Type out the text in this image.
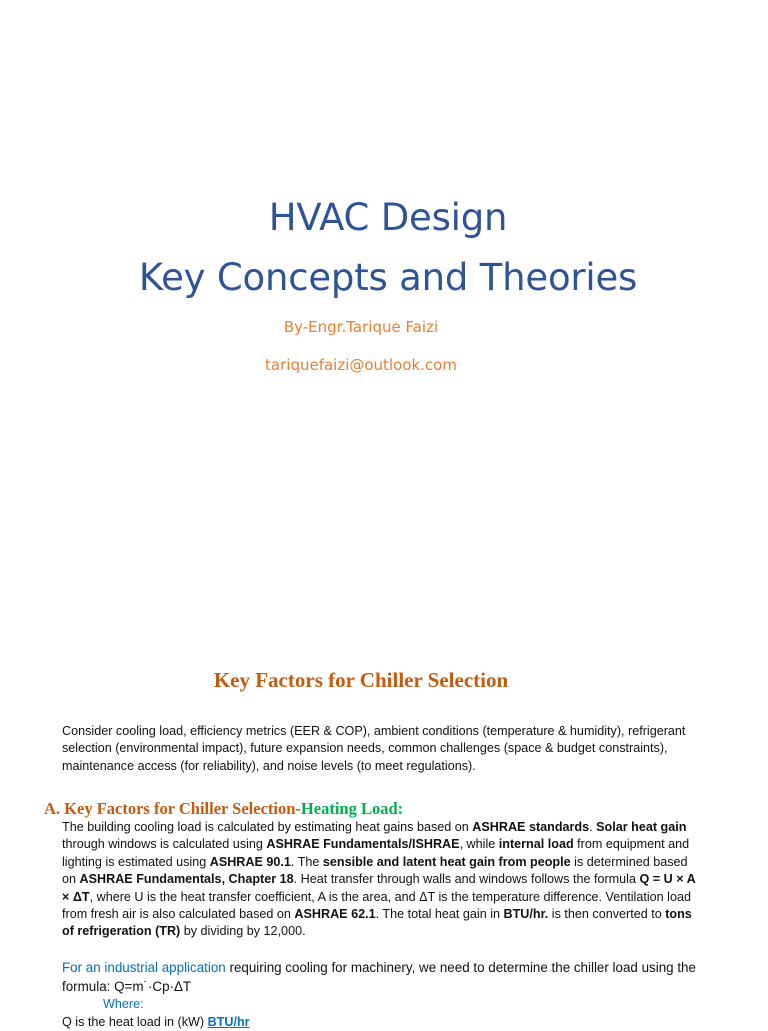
HVAC Design
Key Concepts and Theories

By-Engr.Tarique Faizi

tariquefaizi@outlook.com

Key Factors for Chiller Selection

Consider cooling load, efficiency metrics (EER & COP), ambient conditions (temperature & humidity), refrigerant selection (environmental impact), future expansion needs, common challenges (space & budget constraints), maintenance access (for reliability), and noise levels (to meet regulations).

A. Key Factors for Chiller Selection-Heating Load:

The building cooling load is calculated by estimating heat gains based on ASHRAE standards. Solar heat gain through windows is calculated using ASHRAE Fundamentals/ISHRAE, while internal load from equipment and lighting is estimated using ASHRAE 90.1. The sensible and latent heat gain from people is determined based on ASHRAE Fundamentals, Chapter 18. Heat transfer through walls and windows follows the formula Q = U × A × ΔT, where U is the heat transfer coefficient, A is the area, and ΔT is the temperature difference. Ventilation load from fresh air is also calculated based on ASHRAE 62.1. The total heat gain in BTU/hr. is then converted to tons of refrigeration (TR) by dividing by 12,000.

For an industrial application requiring cooling for machinery, we need to determine the chiller load using the formula: Q=m˙·Cp·ΔT

Where:

Q is the heat load in (kW) BTU/hr
